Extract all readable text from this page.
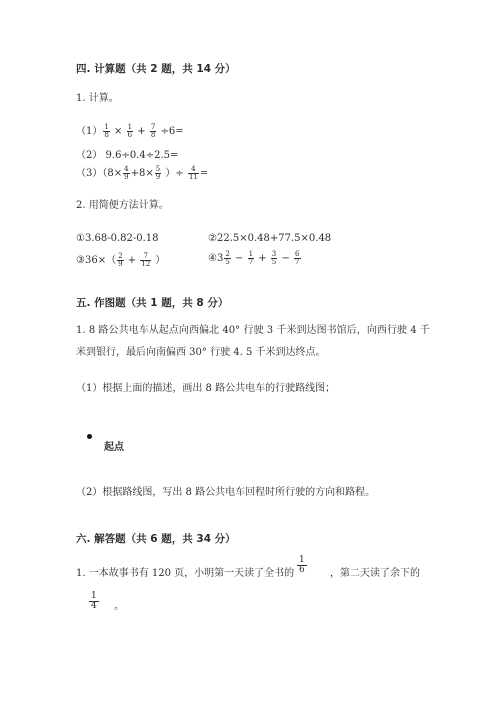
四. 计算题（共 2 题，共 14 分）
1. 计算。
$(1) \frac{1}{8} \times \frac{1}{6} + \frac{7}{8} \div 6=$
（2） 9.6÷0.4÷2.5=
$(3)(8\times \frac{4}{9} +8\times \frac{5}{9}$ ）÷ $\frac{4}{11}$ =
2. 用简便方法计算。
①3.68-0.82-0.18	②22.5×0.48+77.5×0.48
③36×（ $\frac{2}{9} + \frac{7}{12}$ ）	④3 $\frac{2}{5} - \frac{1}{7} + \frac{3}{5} - \frac{6}{7}$
五. 作图题（共 1 题，共 8 分）
1. 8 路公共电车从起点向西偏北 40° 行驶 3 千米到达图书馆后，向西行驶 4 千
米到银行，最后向南偏西 30° 行驶 4. 5 千米到达终点。
（1）根据上面的描述，画出 8 路公共电车的行驶路线图；
起点
（2）根据路线图，写出 8 路公共电车回程时所行驶的方向和路程。
六. 解答题（共 6 题，共 34 分）
1. 一本故事书有 120 页，小明第一天读了全书的 $\frac{1}{6}$ ，第二天读了余下的
$\frac{1}{4}$ 。
